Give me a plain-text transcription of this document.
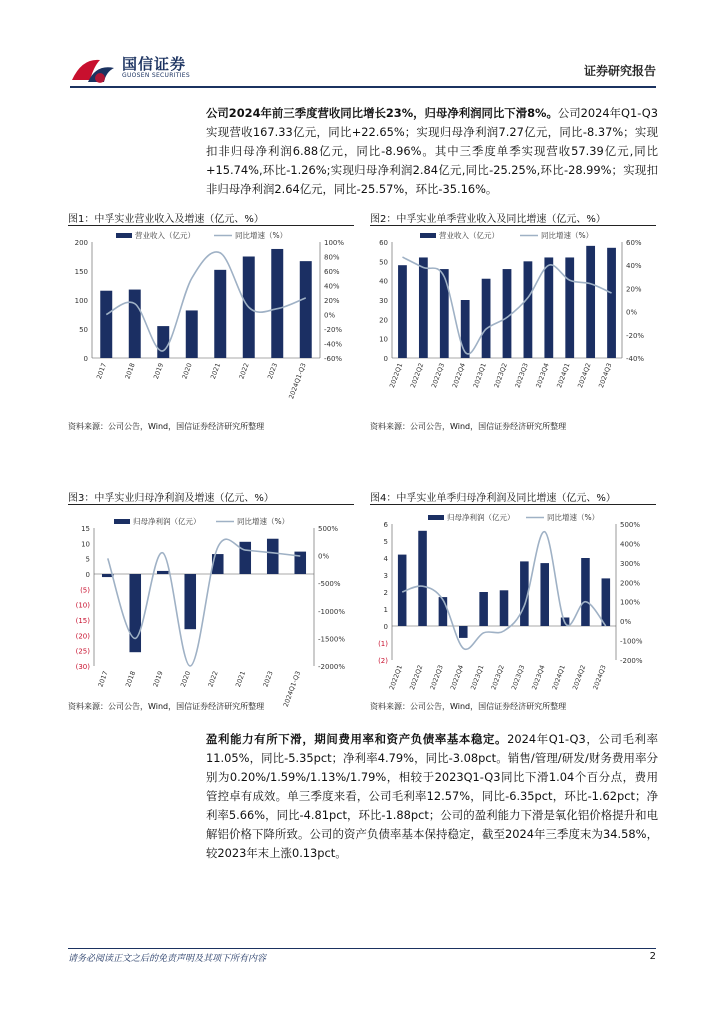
国信证券
GUOSEN SECURITIES	证券研究报告
公司2024年前三季度营收同比增长23%，归母净利润同比下滑8%。公司2024年Q1-Q3实现营收167.33亿元，同比+22.65%；实现归母净利润7.27亿元，同比-8.37%；实现扣非归母净利润6.88亿元，同比-8.96%。其中三季度单季实现营收57.39亿元,同比+15.74%,环比-1.26%;实现归母净利润2.84亿元,同比-25.25%,环比-28.99%；实现扣非归母净利润2.64亿元，同比-25.57%，环比-35.16%。
图1：中孚实业营业收入及增速（亿元、%）
资料来源：公司公告，Wind，国信证券经济研究所整理
图2：中孚实业单季营业收入及同比增速（亿元、%）
资料来源：公司公告，Wind，国信证券经济研究所整理
图3：中孚实业归母净利润及增速（亿元、%）
资料来源：公司公告，Wind，国信证券经济研究所整理
图4：中孚实业单季归母净利润及同比增速（亿元、%）
资料来源：公司公告，Wind，国信证券经济研究所整理
0
50
100
150
200
-60%
-40%
-20%
0%
20%
40%
60%
80%
100%
2017 2018 2019 2020 2021 2022 2023 2024Q1-Q3
营业收入（亿元）	同比增速（%）
0
10
20
30
40
50
60
-40%
-20%
0%
20%
40%
60%
2022Q1 2022Q2 2022Q3 2022Q4 2023Q1 2023Q2 2023Q3 2023Q4 2024Q1 2024Q2 2024Q3
营业收入（亿元）	同比增速（%）
(30)
(25)
(20)
(15)
(10)
(5)
0
5
10
15
-2000%
-1500%
-1000%
-500%
0%
500%
2017 2018 2019 2020 2022 2021 2023 2024Q1-Q3
归母净利润（亿元）	同比增速（%）
(2)
(1)
0
1
2
3
4
5
6
-200%
-100%
0%
100%
200%
300%
400%
500%
2022Q1 2022Q2 2022Q3 2022Q4 2023Q1 2023Q2 2023Q3 2023Q4 2024Q1 2024Q2 2024Q3
归母净利润（亿元）	同比增速（%）
盈利能力有所下滑，期间费用率和资产负债率基本稳定。2024年Q1-Q3，公司毛利率11.05%，同比-5.35pct；净利率4.79%，同比-3.08pct。销售/管理/研发/财务费用率分别为0.20%/1.59%/1.13%/1.79%，相较于2023Q1-Q3同比下滑1.04个百分点，费用管控卓有成效。单三季度来看，公司毛利率12.57%，同比-6.35pct，环比-1.62pct；净利率5.66%，同比-4.81pct，环比-1.88pct；公司的盈利能力下滑是氧化铝价格提升和电解铝价格下降所致。公司的资产负债率基本保持稳定，截至2024年三季度末为34.58%，较2023年末上涨0.13pct。
请务必阅读正文之后的免责声明及其项下所有内容	2
